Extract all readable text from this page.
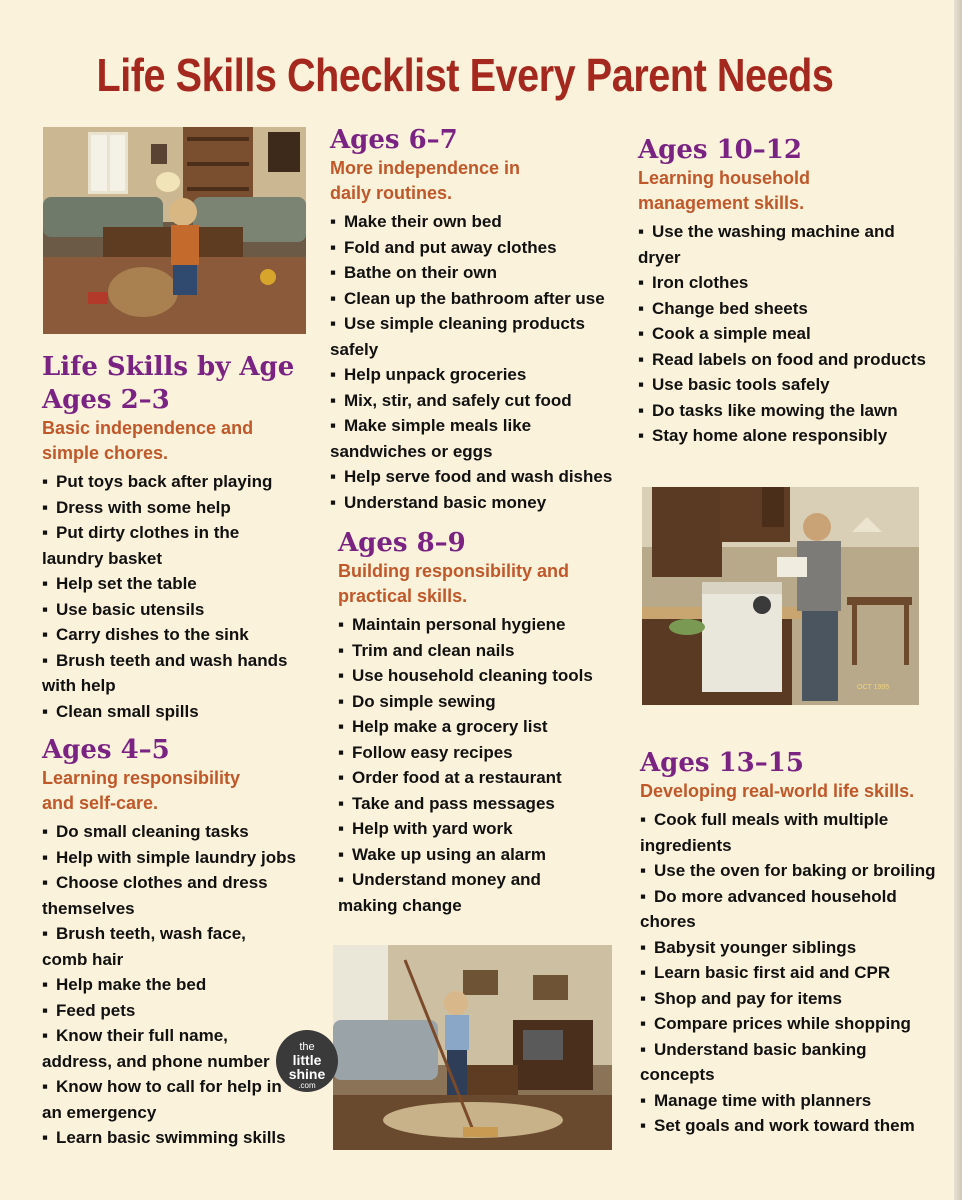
Life Skills Checklist Every Parent Needs
OCT 1995
the
little
shine
.com
Life Skills by Age
Ages 2–3
Basic independence and
simple chores.
▪ Put toys back after playing
▪ Dress with some help
▪ Put dirty clothes in the
laundry basket
▪ Help set the table
▪ Use basic utensils
▪ Carry dishes to the sink
▪ Brush teeth and wash hands
with help
▪ Clean small spills
Ages 4–5
Learning responsibility
and self-care.
▪ Do small cleaning tasks
▪ Help with simple laundry jobs
▪ Choose clothes and dress
themselves
▪ Brush teeth, wash face,
comb hair
▪ Help make the bed
▪ Feed pets
▪ Know their full name,
address, and phone number
▪ Know how to call for help in
an emergency
▪ Learn basic swimming skills
Ages 6–7
More independence in
daily routines.
▪ Make their own bed
▪ Fold and put away clothes
▪ Bathe on their own
▪ Clean up the bathroom after use
▪ Use simple cleaning products
safely
▪ Help unpack groceries
▪ Mix, stir, and safely cut food
▪ Make simple meals like
sandwiches or eggs
▪ Help serve food and wash dishes
▪ Understand basic money
Ages 8–9
Building responsibility and
practical skills.
▪ Maintain personal hygiene
▪ Trim and clean nails
▪ Use household cleaning tools
▪ Do simple sewing
▪ Help make a grocery list
▪ Follow easy recipes
▪ Order food at a restaurant
▪ Take and pass messages
▪ Help with yard work
▪ Wake up using an alarm
▪ Understand money and
making change
Ages 10–12
Learning household
management skills.
▪ Use the washing machine and
dryer
▪ Iron clothes
▪ Change bed sheets
▪ Cook a simple meal
▪ Read labels on food and products
▪ Use basic tools safely
▪ Do tasks like mowing the lawn
▪ Stay home alone responsibly
Ages 13–15
Developing real-world life skills.
▪ Cook full meals with multiple
ingredients
▪ Use the oven for baking or broiling
▪ Do more advanced household
chores
▪ Babysit younger siblings
▪ Learn basic first aid and CPR
▪ Shop and pay for items
▪ Compare prices while shopping
▪ Understand basic banking
concepts
▪ Manage time with planners
▪ Set goals and work toward them
